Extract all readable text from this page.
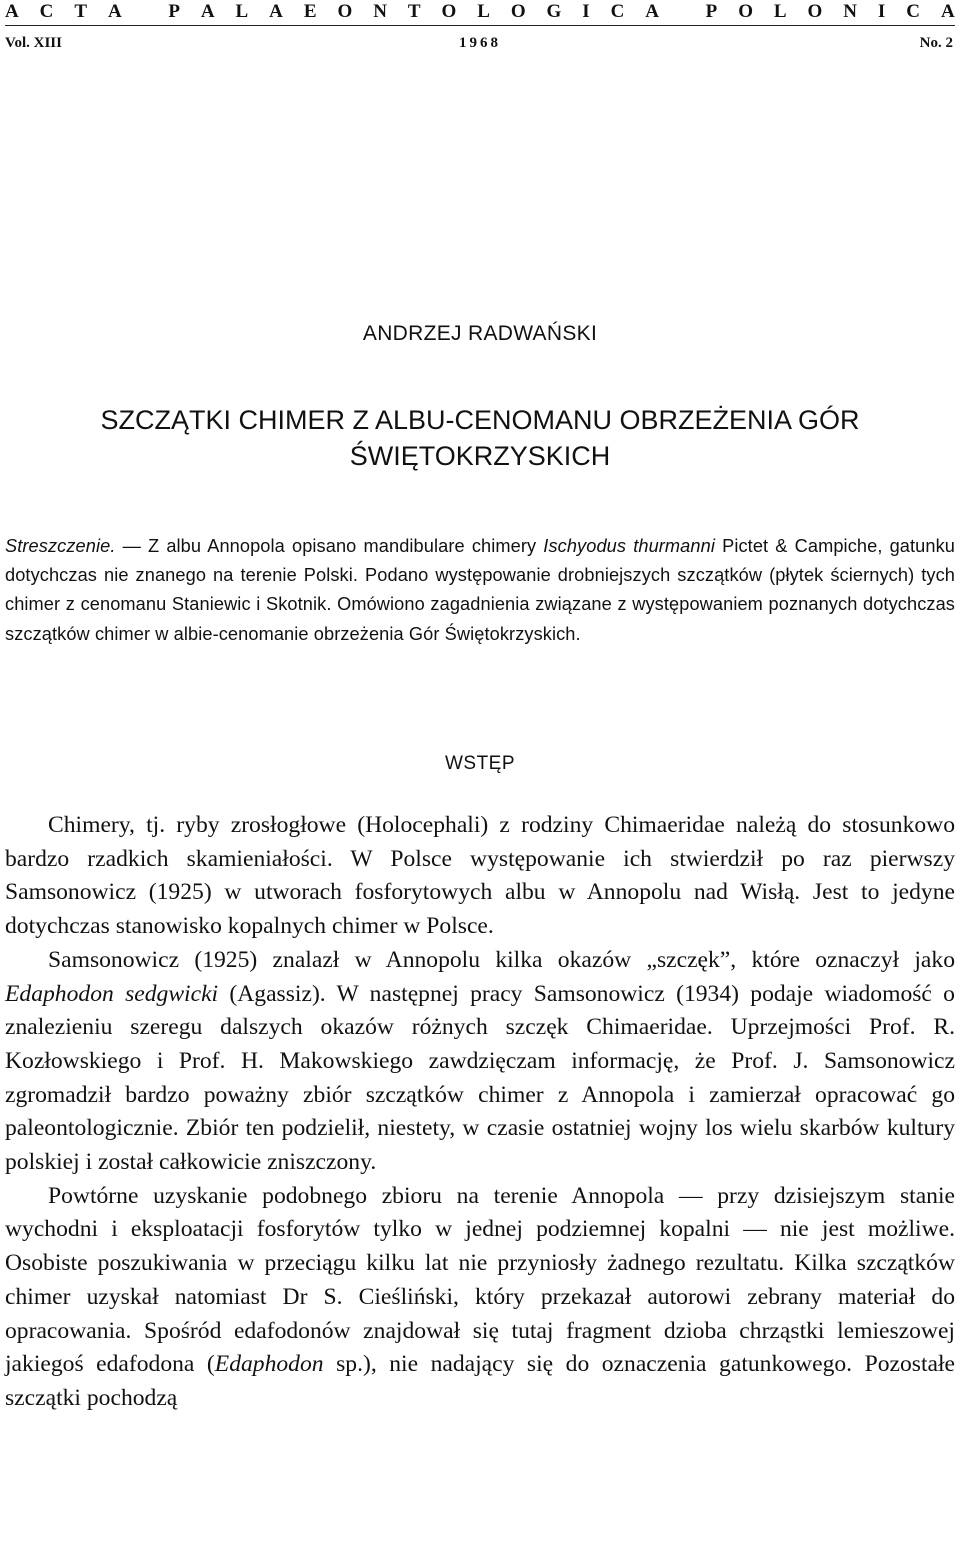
A C T A
P A L A E O N T O L O G I C A
P O L O N I C A
Vol. XIII	1968	No. 2
ANDRZEJ RADWAŃSKI
SZCZĄTKI CHIMER Z ALBU-CENOMANU OBRZEŻENIA GÓR
ŚWIĘTOKRZYSKICH
Streszczenie. — Z albu Annopola opisano mandibulare chimery Ischyodus thurmanni Pictet & Campiche, gatunku dotychczas nie znanego na terenie Polski. Podano występowanie drobniejszych szczątków (płytek ściernych) tych chimer z cenomanu Staniewic i Skotnik. Omówiono zagadnienia związane z występowaniem poznanych dotychczas szczątków chimer w albie-cenomanie obrzeżenia Gór Świętokrzyskich.
WSTĘP

Chimery, tj. ryby zrosłogłowe (Holocephali) z rodziny Chimaeridae należą do stosunkowo bardzo rzadkich skamieniałości. W Polsce występowanie ich stwierdził po raz pierwszy Samsonowicz (1925) w utworach fosforytowych albu w Annopolu nad Wisłą. Jest to jedyne dotychczas stanowisko kopalnych chimer w Polsce.

Samsonowicz (1925) znalazł w Annopolu kilka okazów „szczęk”, które oznaczył jako Edaphodon sedgwicki (Agassiz). W następnej pracy Samsonowicz (1934) podaje wiadomość o znalezieniu szeregu dalszych okazów różnych szczęk Chimaeridae. Uprzejmości Prof. R. Kozłowskiego i Prof. H. Makowskiego zawdzięczam informację, że Prof. J. Samsonowicz zgromadził bardzo poważny zbiór szczątków chimer z Annopola i zamierzał opracować go paleontologicznie. Zbiór ten podzielił, niestety, w czasie ostatniej wojny los wielu skarbów kultury polskiej i został całkowicie zniszczony.

Powtórne uzyskanie podobnego zbioru na terenie Annopola — przy dzisiejszym stanie wychodni i eksploatacji fosforytów tylko w jednej podziemnej kopalni — nie jest możliwe. Osobiste poszukiwania w przeciągu kilku lat nie przyniosły żadnego rezultatu. Kilka szczątków chimer uzyskał natomiast Dr S. Cieśliński, który przekazał autorowi zebrany materiał do opracowania. Spośród edafodonów znajdował się tutaj fragment dzioba chrząstki lemieszowej jakiegoś edafodona (Edaphodon sp.), nie nadający się do oznaczenia gatunkowego. Pozostałe szczątki pochodzą
